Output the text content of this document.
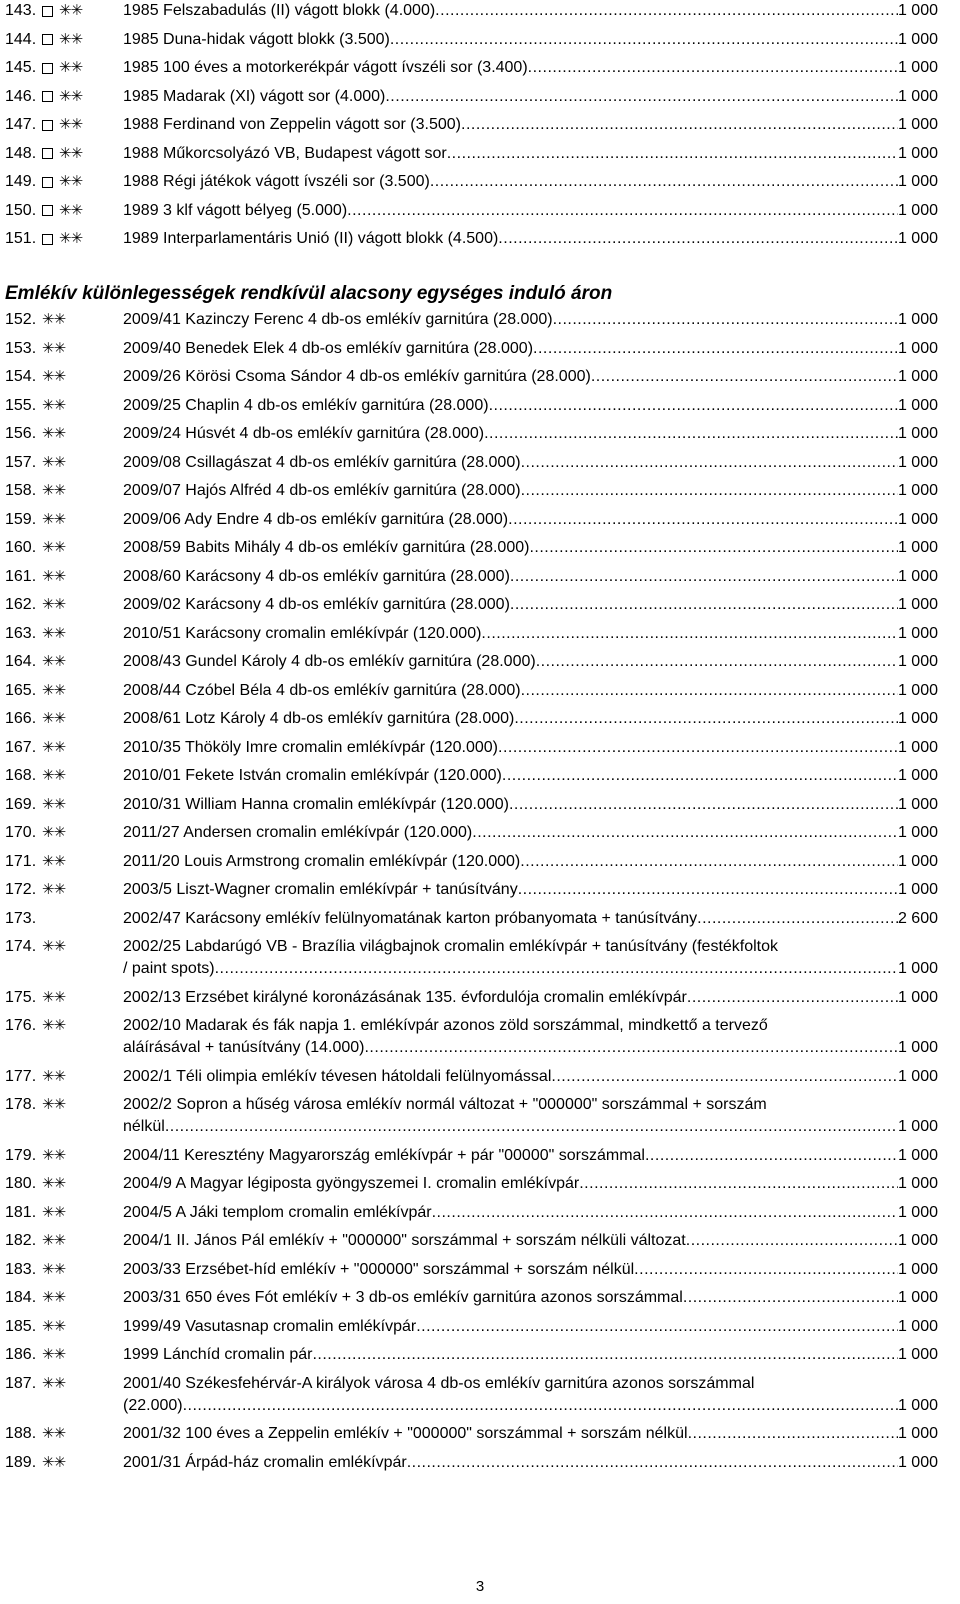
143.	✳✳	1985 Felszabadulás (II) vágott blokk (4.000) .....	1 000
144.	✳✳	1985 Duna-hidak vágott blokk (3.500) .....	1 000
145.	✳✳	1985 100 éves a motorkerékpár vágott ívszéli sor (3.400) .....	1 000
146.	✳✳	1985 Madarak (XI) vágott sor (4.000) .....	1 000
147.	✳✳	1988 Ferdinand von Zeppelin vágott sor (3.500) .....	1 000
148.	✳✳	1988 Műkorcsolyázó VB, Budapest vágott sor .....	1 000
149.	✳✳	1988 Régi játékok vágott ívszéli sor (3.500) .....	1 000
150.	✳✳	1989 3 klf vágott bélyeg (5.000) .....	1 000
151.	✳✳	1989 Interparlamentáris Unió (II) vágott blokk (4.500) .....	1 000
Emlékív különlegességek rendkívül alacsony egységes induló áron
152. ✳✳	2009/41 Kazinczy Ferenc 4 db-os emlékív garnitúra (28.000) .....	1 000
153. ✳✳	2009/40 Benedek Elek 4 db-os emlékív garnitúra (28.000) .....	1 000
154. ✳✳	2009/26 Körösi Csoma Sándor 4 db-os emlékív garnitúra (28.000) .....	1 000
155. ✳✳	2009/25 Chaplin 4 db-os emlékív garnitúra (28.000) .....	1 000
156. ✳✳	2009/24 Húsvét 4 db-os emlékív garnitúra (28.000) .....	1 000
157. ✳✳	2009/08 Csillagászat 4 db-os emlékív garnitúra (28.000) .....	1 000
158. ✳✳	2009/07 Hajós Alfréd 4 db-os emlékív garnitúra (28.000) .....	1 000
159. ✳✳	2009/06 Ady Endre 4 db-os emlékív garnitúra (28.000) .....	1 000
160. ✳✳	2008/59 Babits Mihály 4 db-os emlékív garnitúra (28.000) .....	1 000
161. ✳✳	2008/60 Karácsony 4 db-os emlékív garnitúra (28.000) .....	1 000
162. ✳✳	2009/02 Karácsony 4 db-os emlékív garnitúra (28.000) .....	1 000
163. ✳✳	2010/51 Karácsony cromalin emlékívpár (120.000) .....	1 000
164. ✳✳	2008/43 Gundel Károly 4 db-os emlékív garnitúra (28.000) .....	1 000
165. ✳✳	2008/44 Czóbel Béla 4 db-os emlékív garnitúra (28.000) .....	1 000
166. ✳✳	2008/61 Lotz Károly 4 db-os emlékív garnitúra (28.000) .....	1 000
167. ✳✳	2010/35 Thököly Imre cromalin emlékívpár (120.000) .....	1 000
168. ✳✳	2010/01 Fekete István cromalin emlékívpár (120.000) .....	1 000
169. ✳✳	2010/31 William Hanna cromalin emlékívpár (120.000) .....	1 000
170. ✳✳	2011/27 Andersen cromalin emlékívpár (120.000) .....	1 000
171. ✳✳	2011/20 Louis Armstrong cromalin emlékívpár (120.000) .....	1 000
172. ✳✳	2003/5 Liszt-Wagner cromalin emlékívpár + tanúsítvány .....	1 000
173.	2002/47 Karácsony emlékív felülnyomatának karton próbanyomata + tanúsítvány .....	2 600
174. ✳✳	2002/25 Labdarúgó VB - Brazília világbajnok cromalin emlékívpár + tanúsítvány (festékfoltok
/ paint spots) .....	1 000
175. ✳✳	2002/13 Erzsébet királyné koronázásának 135. évfordulója cromalin emlékívpár .....	1 000
176. ✳✳	2002/10 Madarak és fák napja 1. emlékívpár azonos zöld sorszámmal, mindkettő a tervező
aláírásával + tanúsítvány (14.000) .....	1 000
177. ✳✳	2002/1 Téli olimpia emlékív tévesen hátoldali felülnyomással .....	1 000
178. ✳✳	2002/2 Sopron a hűség városa emlékív normál változat + "000000" sorszámmal + sorszám
nélkül .....	1 000
179. ✳✳	2004/11 Keresztény Magyarország emlékívpár + pár "00000" sorszámmal .....	1 000
180. ✳✳	2004/9 A Magyar légiposta gyöngyszemei I. cromalin emlékívpár .....	1 000
181. ✳✳	2004/5 A Jáki templom cromalin emlékívpár .....	1 000
182. ✳✳	2004/1 II. János Pál emlékív + "000000" sorszámmal + sorszám nélküli változat .....	1 000
183. ✳✳	2003/33 Erzsébet-híd emlékív + "000000" sorszámmal + sorszám nélkül .....	1 000
184. ✳✳	2003/31 650 éves Fót emlékív + 3 db-os emlékív garnitúra azonos sorszámmal .....	1 000
185. ✳✳	1999/49 Vasutasnap cromalin emlékívpár .....	1 000
186. ✳✳	1999 Lánchíd cromalin pár .....	1 000
187. ✳✳	2001/40 Székesfehérvár-A királyok városa 4 db-os emlékív garnitúra azonos sorszámmal
(22.000) .....	1 000
188. ✳✳	2001/32 100 éves a Zeppelin emlékív + "000000" sorszámmal + sorszám nélkül .....	1 000
189. ✳✳	2001/31 Árpád-ház cromalin emlékívpár .....	1 000
3
